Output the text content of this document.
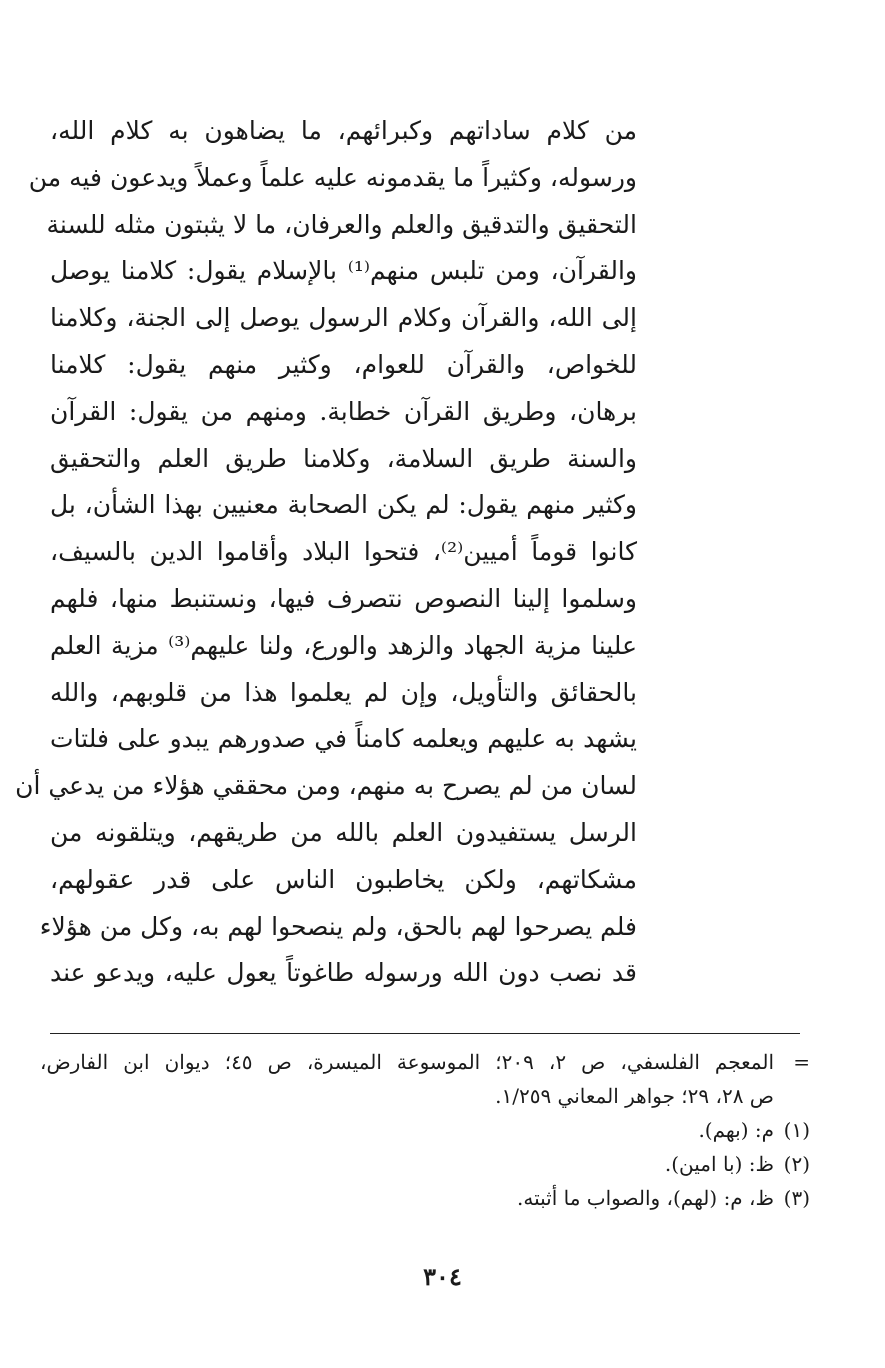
من كلام ساداتهم وكبرائهم، ما يضاهون به كلام الله،
ورسوله، وكثيراً ما يقدمونه عليه علماً وعملاً ويدعون فيه من
التحقيق والتدقيق والعلم والعرفان، ما لا يثبتون مثله للسنة
والقرآن، ومن تلبس منهم⁽¹⁾ بالإسلام يقول: كلامنا يوصل
إلى الله، والقرآن وكلام الرسول يوصل إلى الجنة، وكلامنا
للخواص، والقرآن للعوام، وكثير منهم يقول: كلامنا
برهان، وطريق القرآن خطابة. ومنهم من يقول: القرآن
والسنة طريق السلامة، وكلامنا طريق العلم والتحقيق
وكثير منهم يقول: لم يكن الصحابة معنيين بهذا الشأن، بل
كانوا قوماً أميين⁽²⁾، فتحوا البلاد وأقاموا الدين بالسيف،
وسلموا إلينا النصوص نتصرف فيها، ونستنبط منها، فلهم
علينا مزية الجهاد والزهد والورع، ولنا عليهم⁽³⁾ مزية العلم
بالحقائق والتأويل، وإن لم يعلموا هذا من قلوبهم، والله
يشهد به عليهم ويعلمه كامناً في صدورهم يبدو على فلتات
لسان من لم يصرح به منهم، ومن محققي هؤلاء من يدعي أن
الرسل يستفيدون العلم بالله من طريقهم، ويتلقونه من
مشكاتهم، ولكن يخاطبون الناس على قدر عقولهم،
فلم يصرحوا لهم بالحق، ولم ينصحوا لهم به، وكل من هؤلاء
قد نصب دون الله ورسوله طاغوتاً يعول عليه، ويدعو عند
=
المعجم الفلسفي، ص ٢، ٢٠٩؛ الموسوعة الميسرة، ص ٤٥؛ ديوان ابن الفارض،
ص ٢٨، ٢٩؛ جواهر المعاني ١/٢٥٩.
(١)
م: (بهم).
(٢)
ظ: (با امين).
(٣)
ظ، م: (لهم)، والصواب ما أثبته.
٣٠٤
